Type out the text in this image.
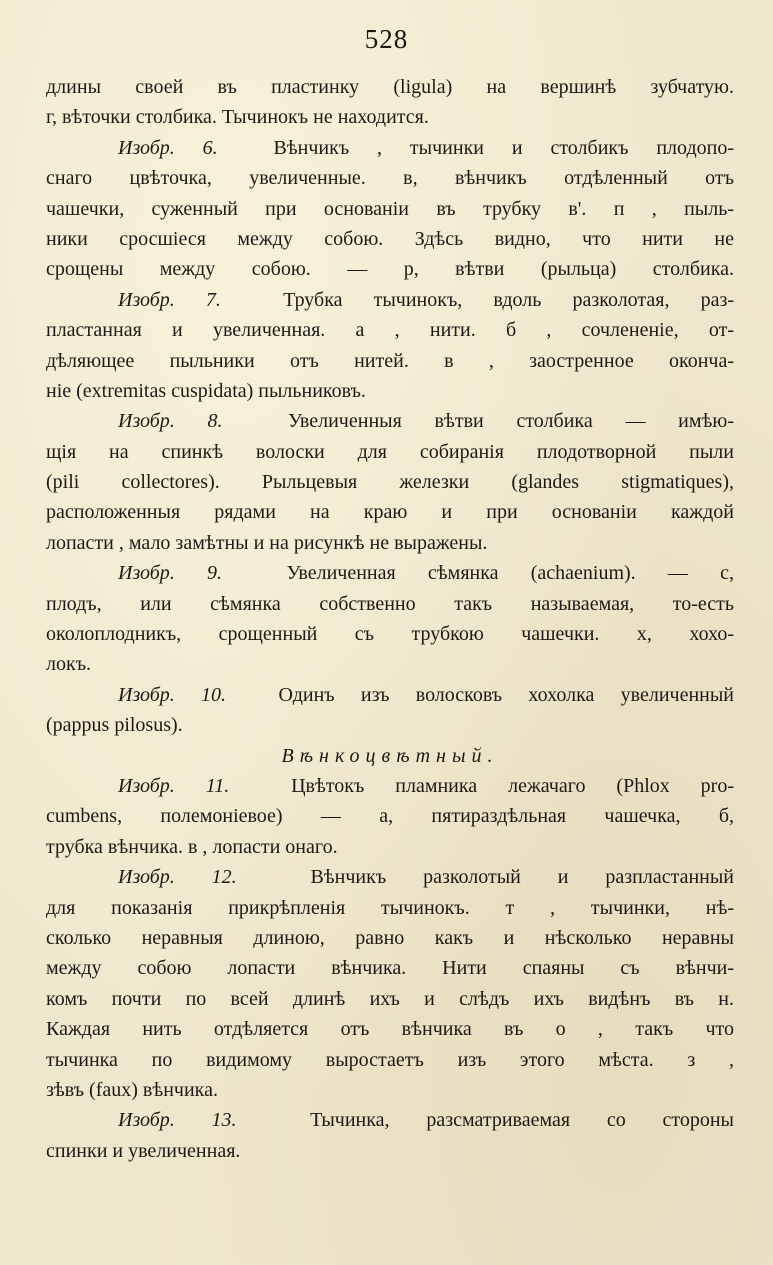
528
длины своей въ пластинку (ligula) на вершинѣ зубчатую.
г, вѣточки столбика. Тычинокъ не находится.
Изобр. 6.	Вѣнчикъ , тычинки и столбикъ плодопо-
снаго цвѣточка, увеличенные. в, вѣнчикъ отдѣленный отъ
чашечки, суженный при основаніи въ трубку в'. п , пыль-
ники сросшіеся между собою. Здѣсь видно, что нити не
срощены между собою. — р, вѣтви (рыльца) столбика.
Изобр. 7.	Трубка тычинокъ, вдоль разколотая, раз-
пластанная и увеличенная. а , нити. б , сочлененіе, от-
дѣляющее пыльники отъ нитей. в , заостренное оконча-
ніе (extremitas cuspidata) пыльниковъ.
Изобр. 8.	Увеличенныя вѣтви столбика — имѣю-
щія на спинкѣ волоски для собиранія плодотворной пыли
(pili collectores). Рыльцевыя железки (glandes stigmatiques),
расположенныя рядами на краю и при основаніи каждой
лопасти , мало замѣтны и на рисункѣ не выражены.
Изобр. 9.	Увеличенная сѣмянка (achaenium). — с,
плодъ, или сѣмянка собственно такъ называемая, то-есть
околоплодникъ, срощенный съ трубкою чашечки. х, хохо-
локъ.
Изобр. 10.	Одинъ изъ волосковъ хохолка увеличенный
(pappus pilosus).
Вѣнкоцвѣтный.
Изобр. 11.	Цвѣтокъ пламника лежачаго (Phlox pro-
cumbens, полемоніевое) — а, пятираздѣльная чашечка, б,
трубка вѣнчика. в , лопасти онаго.
Изобр. 12.	Вѣнчикъ разколотый и разпластанный
для показанія прикрѣпленія тычинокъ. т , тычинки, нѣ-
сколько неравныя длиною, равно какъ и нѣсколько неравны
между собою лопасти вѣнчика. Нити спаяны съ вѣнчи-
комъ почти по всей длинѣ ихъ и слѣдъ ихъ видѣнъ въ н.
Каждая нить отдѣляется отъ вѣнчика въ о , такъ что
тычинка по видимому выростаетъ изъ этого мѣста. з ,
зѣвъ (faux) вѣнчика.
Изобр. 13.	Тычинка, разсматриваемая со стороны
спинки и увеличенная.
